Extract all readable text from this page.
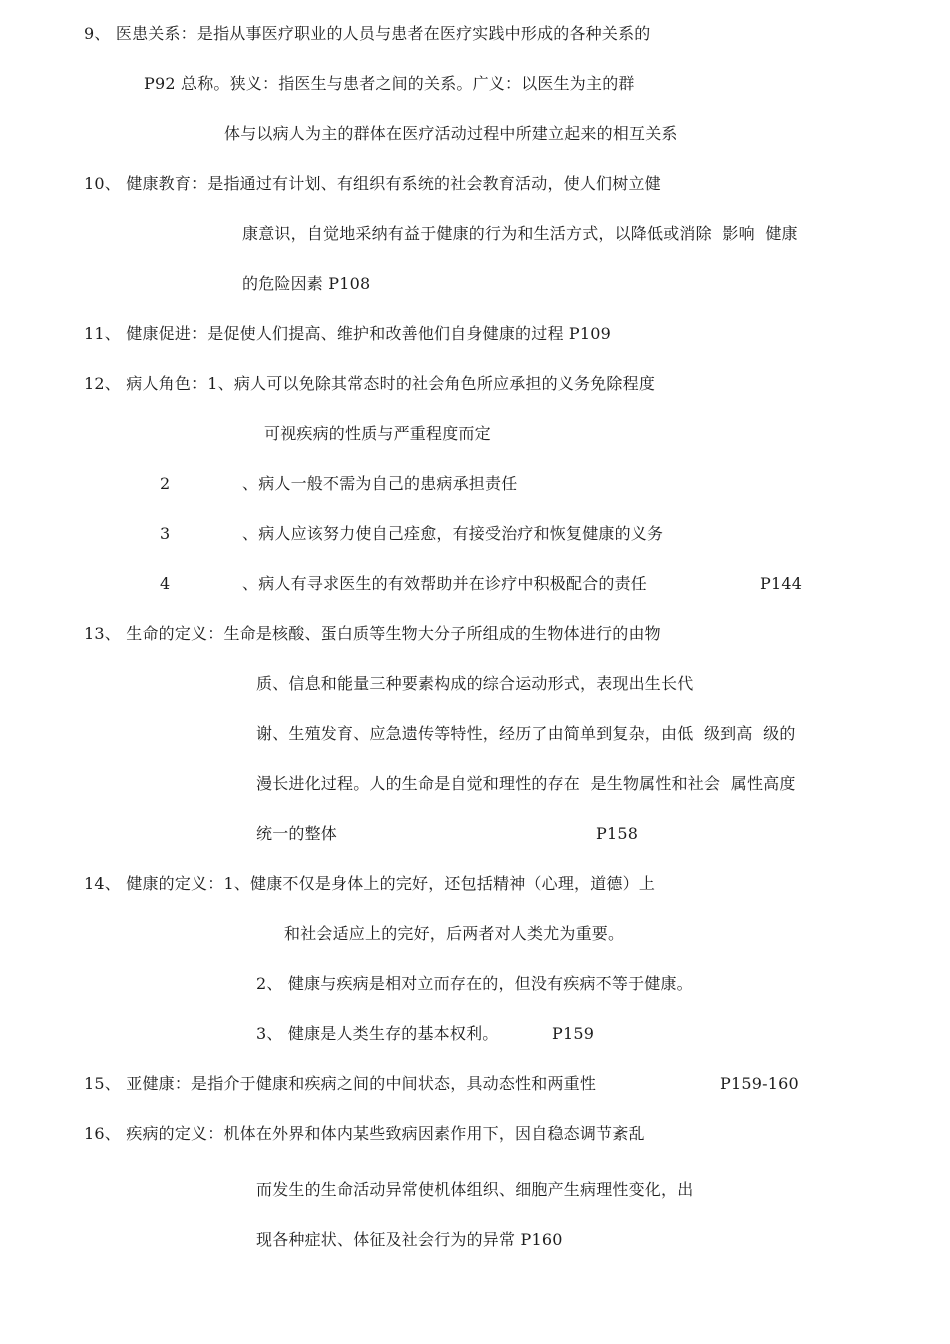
9、 医患关系：是指从事医疗职业的人员与患者在医疗实践中形成的各种关系的
P92 总称。狭义：指医生与患者之间的关系。广义：以医生为主的群
体与以病人为主的群体在医疗活动过程中所建立起来的相互关系
10、 健康教育：是指通过有计划、有组织有系统的社会教育活动，使人们树立健
康意识，自觉地采纳有益于健康的行为和生活方式，以降低或消除  影响  健康
的危险因素 P108
11、 健康促进：是促使人们提高、维护和改善他们自身健康的过程 P109
12、 病人角色：1、病人可以免除其常态时的社会角色所应承担的义务免除程度
可视疾病的性质与严重程度而定
2	、病人一般不需为自己的患病承担责任
3	、病人应该努力使自己痊愈，有接受治疗和恢复健康的义务
4	、病人有寻求医生的有效帮助并在诊疗中积极配合的责任	P144
13、 生命的定义：生命是核酸、蛋白质等生物大分子所组成的生物体进行的由物
质、信息和能量三种要素构成的综合运动形式，表现出生长代
谢、生殖发育、应急遗传等特性，经历了由简单到复杂，由低  级到高  级的
漫长进化过程。人的生命是自觉和理性的存在  是生物属性和社会  属性高度
统一的整体	P158
14、 健康的定义：1、健康不仅是身体上的完好，还包括精神（心理，道德）上
和社会适应上的完好，后两者对人类尤为重要。
2、 健康与疾病是相对立而存在的，但没有疾病不等于健康。
3、 健康是人类生存的基本权利。	P159
15、 亚健康：是指介于健康和疾病之间的中间状态，具动态性和两重性	P159-160
16、 疾病的定义：机体在外界和体内某些致病因素作用下，因自稳态调节紊乱
而发生的生命活动异常使机体组织、细胞产生病理性变化，出
现各种症状、体征及社会行为的异常 P160
